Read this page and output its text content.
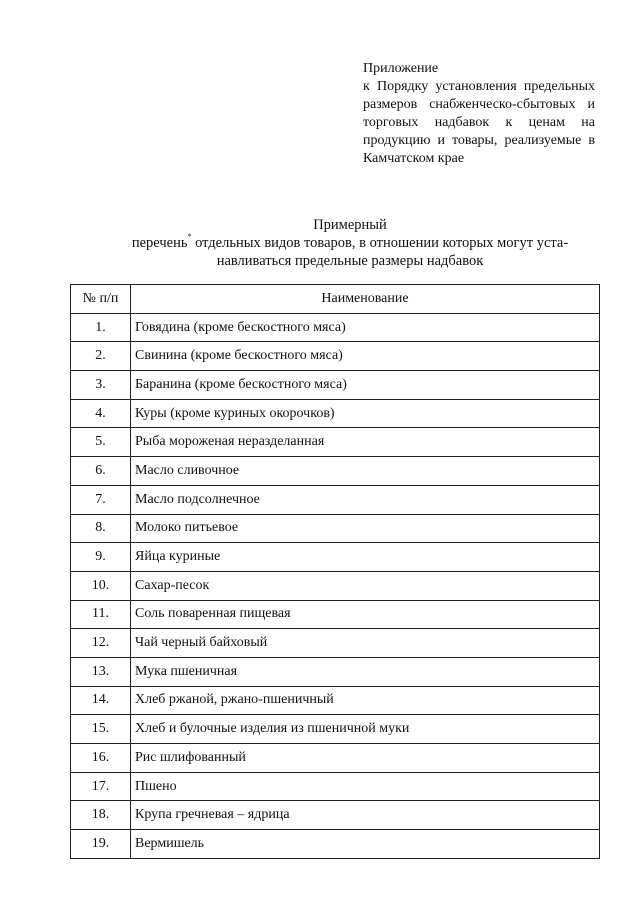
Приложение
к Порядку установления предельных размеров снабженческо-сбытовых и торговых надбавок к ценам на продукцию и товары, реализуемые в Камчатском крае
Примерный
перечень* отдельных видов товаров, в отношении которых могут уста-
навливаться предельные размеры надбавок
№ п/п	Наименование
1.	Говядина (кроме бескостного мяса)
2.	Свинина (кроме бескостного мяса)
3.	Баранина (кроме бескостного мяса)
4.	Куры (кроме куриных окорочков)
5.	Рыба мороженая неразделанная
6.	Масло сливочное
7.	Масло подсолнечное
8.	Молоко питьевое
9.	Яйца куриные
10.	Сахар-песок
11.	Соль поваренная пищевая
12.	Чай черный байховый
13.	Мука пшеничная
14.	Хлеб ржаной, ржано-пшеничный
15.	Хлеб и булочные изделия из пшеничной муки
16.	Рис шлифованный
17.	Пшено
18.	Крупа гречневая – ядрица
19.	Вермишель
